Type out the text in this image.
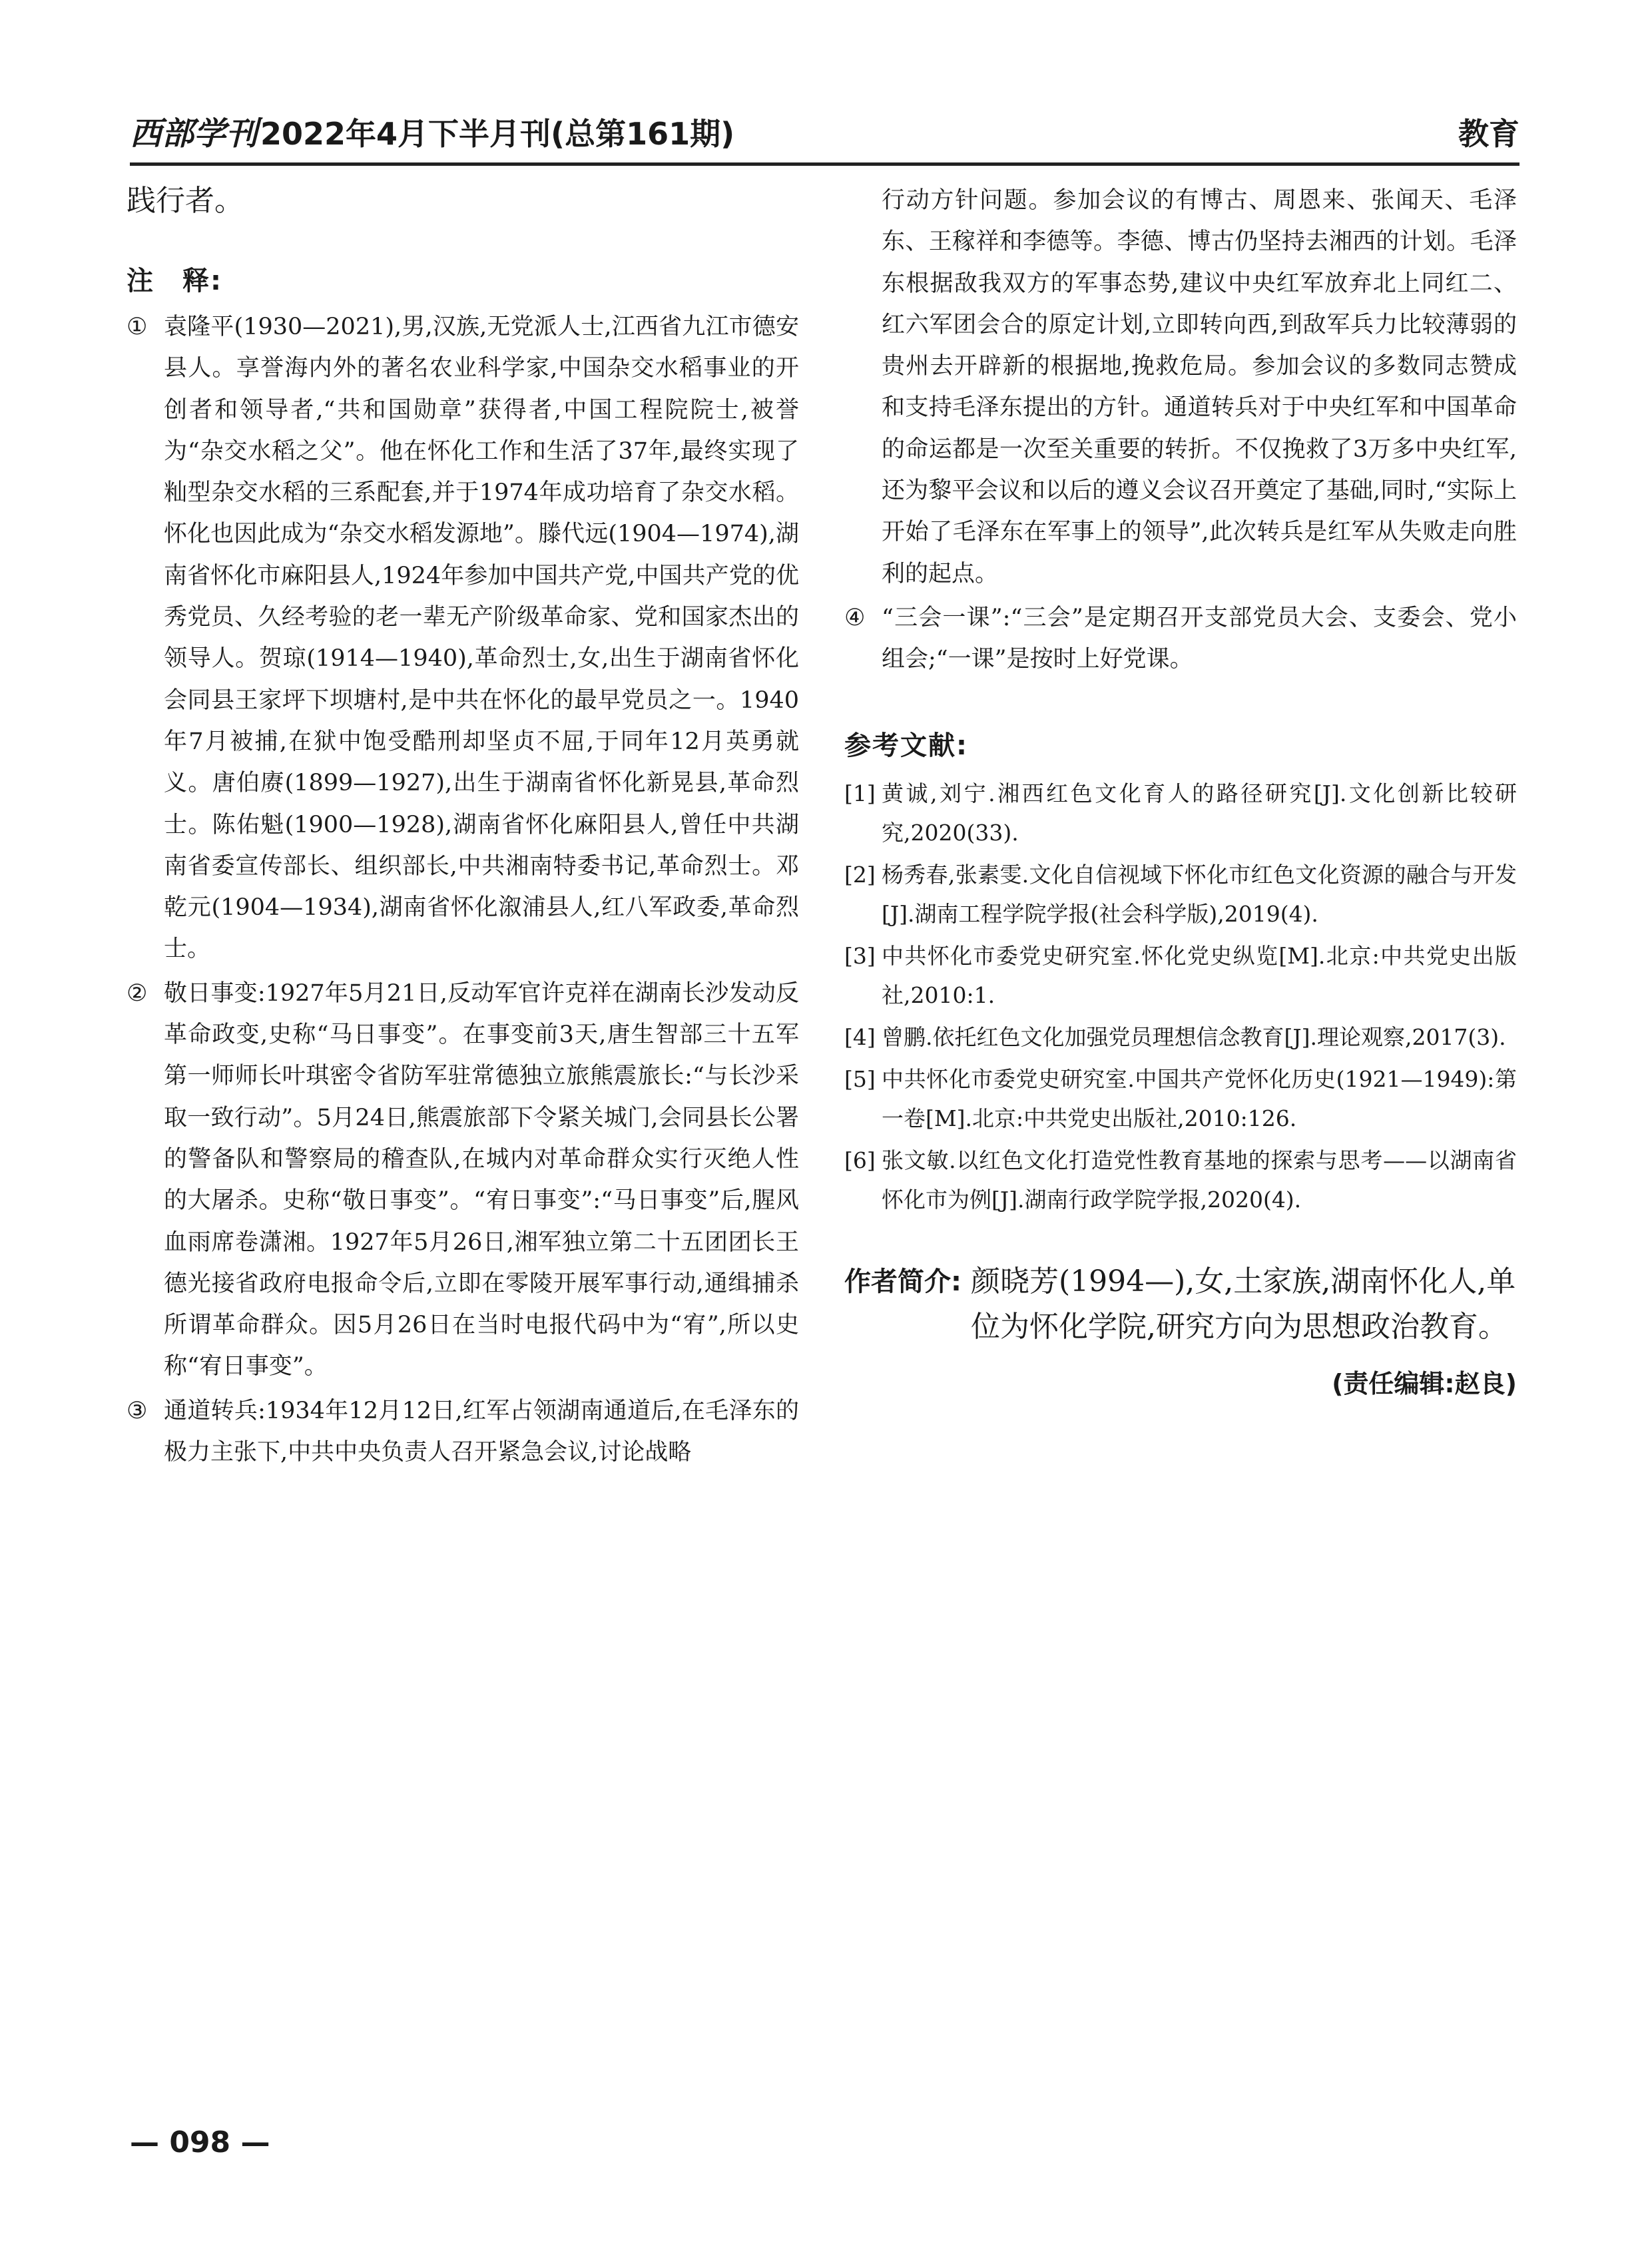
西部学刊2022年4月下半月刊(总第161期)	教育

践行者。

注　释:

① 袁隆平(1930—2021),男,汉族,无党派人士,江西省九江市德安县人。享誉海内外的著名农业科学家,中国杂交水稻事业的开创者和领导者,“共和国勋章”获得者,中国工程院院士,被誉为“杂交水稻之父”。他在怀化工作和生活了37年,最终实现了籼型杂交水稻的三系配套,并于1974年成功培育了杂交水稻。怀化也因此成为“杂交水稻发源地”。滕代远(1904—1974),湖南省怀化市麻阳县人,1924年参加中国共产党,中国共产党的优秀党员、久经考验的老一辈无产阶级革命家、党和国家杰出的领导人。贺琼(1914—1940),革命烈士,女,出生于湖南省怀化会同县王家坪下坝塘村,是中共在怀化的最早党员之一。1940年7月被捕,在狱中饱受酷刑却坚贞不屈,于同年12月英勇就义。唐伯赓(1899—1927),出生于湖南省怀化新晃县,革命烈士。陈佑魁(1900—1928),湖南省怀化麻阳县人,曾任中共湖南省委宣传部长、组织部长,中共湘南特委书记,革命烈士。邓乾元(1904—1934),湖南省怀化溆浦县人,红八军政委,革命烈士。

② 敬日事变:1927年5月21日,反动军官许克祥在湖南长沙发动反革命政变,史称“马日事变”。在事变前3天,唐生智部三十五军第一师师长叶琪密令省防军驻常德独立旅熊震旅长:“与长沙采取一致行动”。5月24日,熊震旅部下令紧关城门,会同县长公署的警备队和警察局的稽查队,在城内对革命群众实行灭绝人性的大屠杀。史称“敬日事变”。“宥日事变”:“马日事变”后,腥风血雨席卷潇湘。1927年5月26日,湘军独立第二十五团团长王德光接省政府电报命令后,立即在零陵开展军事行动,通缉捕杀所谓革命群众。因5月26日在当时电报代码中为“宥”,所以史称“宥日事变”。

③ 通道转兵:1934年12月12日,红军占领湖南通道后,在毛泽东的极力主张下,中共中央负责人召开紧急会议,讨论战略

行动方针问题。参加会议的有博古、周恩来、张闻天、毛泽东、王稼祥和李德等。李德、博古仍坚持去湘西的计划。毛泽东根据敌我双方的军事态势,建议中央红军放弃北上同红二、红六军团会合的原定计划,立即转向西,到敌军兵力比较薄弱的贵州去开辟新的根据地,挽救危局。参加会议的多数同志赞成和支持毛泽东提出的方针。通道转兵对于中央红军和中国革命的命运都是一次至关重要的转折。不仅挽救了3万多中央红军,还为黎平会议和以后的遵义会议召开奠定了基础,同时,“实际上开始了毛泽东在军事上的领导”,此次转兵是红军从失败走向胜利的起点。

④ “三会一课”:“三会”是定期召开支部党员大会、支委会、党小组会;“一课”是按时上好党课。

参考文献:

[1] 黄诚,刘宁.湘西红色文化育人的路径研究[J].文化创新比较研究,2020(33).

[2] 杨秀春,张素雯.文化自信视域下怀化市红色文化资源的融合与开发[J].湖南工程学院学报(社会科学版),2019(4).

[3] 中共怀化市委党史研究室.怀化党史纵览[M].北京:中共党史出版社,2010:1.

[4] 曾鹏.依托红色文化加强党员理想信念教育[J].理论观察,2017(3).

[5] 中共怀化市委党史研究室.中国共产党怀化历史(1921—1949):第一卷[M].北京:中共党史出版社,2010:126.

[6] 张文敏.以红色文化打造党性教育基地的探索与思考——以湖南省怀化市为例[J].湖南行政学院学报,2020(4).

作者简介: 颜晓芳(1994—),女,土家族,湖南怀化人,单位为怀化学院,研究方向为思想政治教育。

(责任编辑:赵良)

— 098 —
